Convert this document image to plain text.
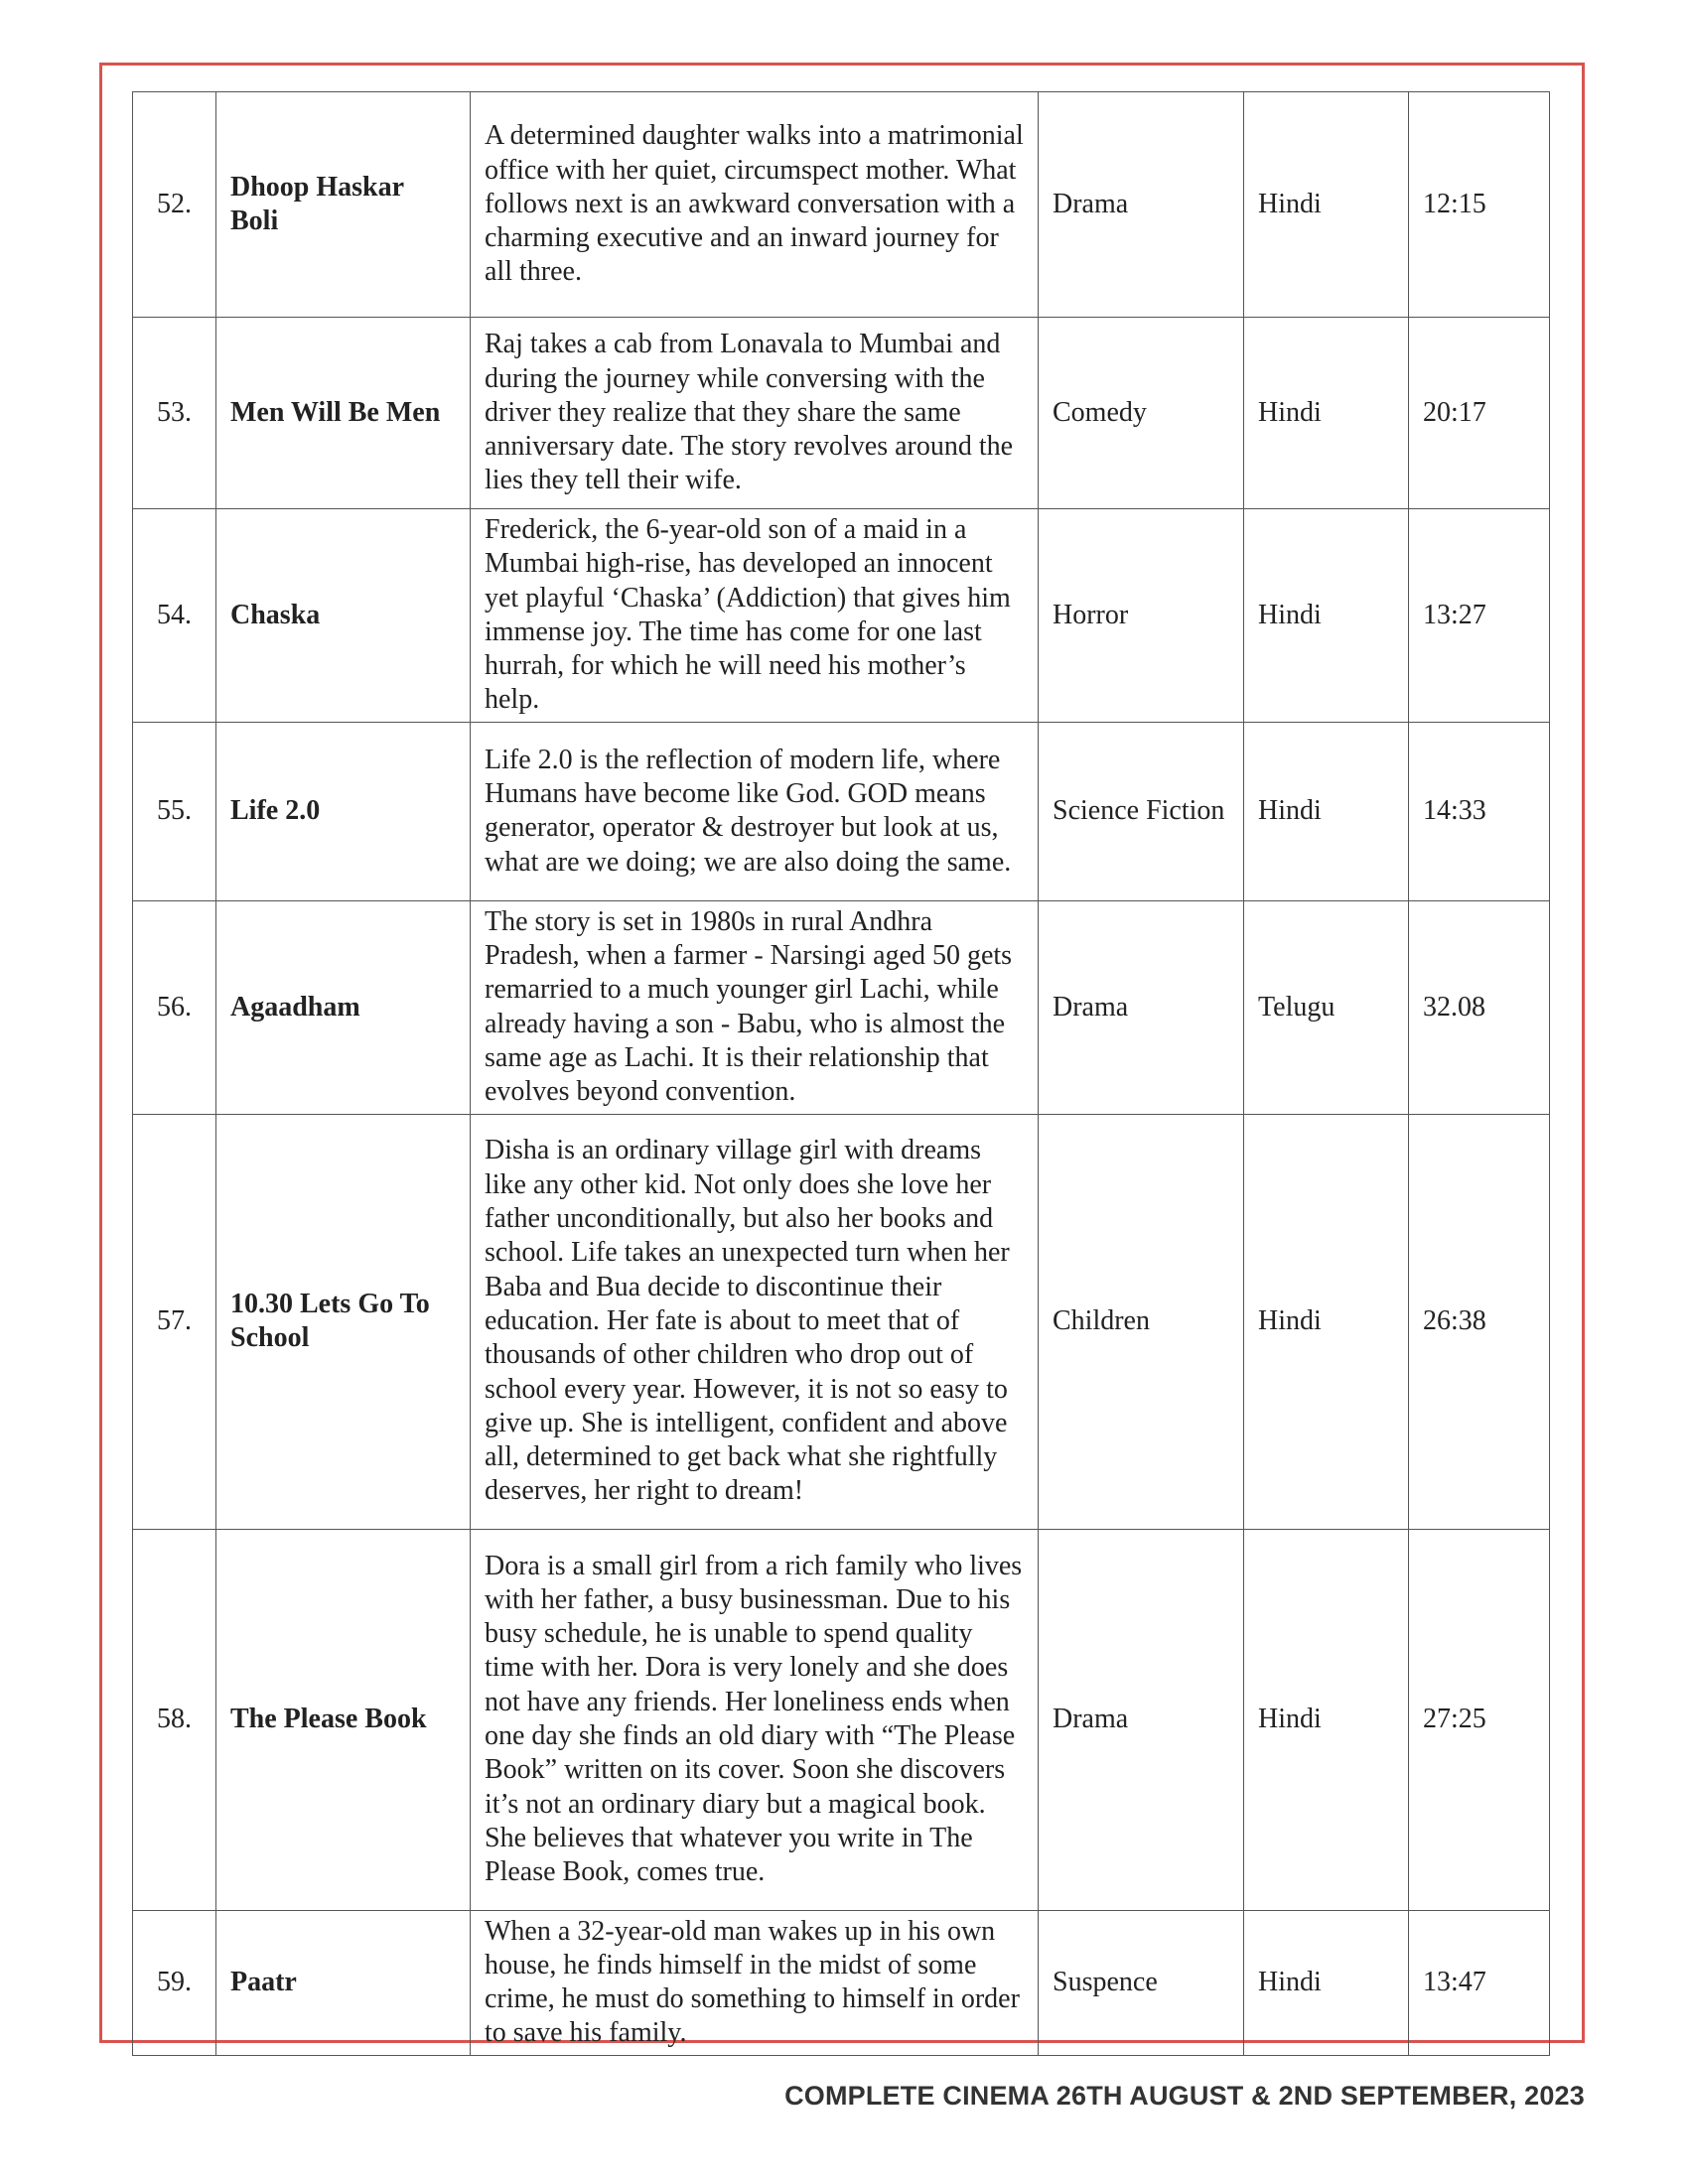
52.	Dhoop Haskar Boli	A determined daughter walks into a matrimonial office with her quiet, circumspect mother. What follows next is an awkward conversation with a charming executive and an inward journey for all three.	Drama	Hindi	12:15
53.	Men Will Be Men	Raj takes a cab from Lonavala to Mumbai and during the journey while conversing with the driver they realize that they share the same anniversary date. The story revolves around the lies they tell their wife.	Comedy	Hindi	20:17
54.	Chaska	Frederick, the 6-year-old son of a maid in a Mumbai high-rise, has developed an innocent yet playful ‘Chaska’ (Addiction) that gives him immense joy. The time has come for one last hurrah, for which he will need his mother’s help.	Horror	Hindi	13:27
55.	Life 2.0	Life 2.0 is the reflection of modern life, where Humans have become like God. GOD means generator, operator & destroyer but look at us, what are we doing; we are also doing the same.	Science Fiction	Hindi	14:33
56.	Agaadham	The story is set in 1980s in rural Andhra Pradesh, when a farmer - Narsingi aged 50 gets remarried to a much younger girl Lachi, while already having a son - Babu, who is almost the same age as Lachi. It is their relationship that evolves beyond convention.	Drama	Telugu	32.08
57.	10.30 Lets Go To School	Disha is an ordinary village girl with dreams like any other kid. Not only does she love her father unconditionally, but also her books and school. Life takes an unexpected turn when her Baba and Bua decide to discontinue their education. Her fate is about to meet that of thousands of other children who drop out of school every year. However, it is not so easy to give up. She is intelligent, confident and above all, determined to get back what she rightfully deserves, her right to dream!	Children	Hindi	26:38
58.	The Please Book	Dora is a small girl from a rich family who lives with her father, a busy businessman. Due to his busy schedule, he is unable to spend quality time with her. Dora is very lonely and she does not have any friends. Her loneliness ends when one day she finds an old diary with “The Please Book” written on its cover. Soon she discovers it’s not an ordinary diary but a magical book. She believes that whatever you write in The Please Book, comes true.	Drama	Hindi	27:25
59.	Paatr	When a 32-year-old man wakes up in his own house, he finds himself in the midst of some crime, he must do something to himself in order to save his family.	Suspence	Hindi	13:47
COMPLETE CINEMA 26TH AUGUST & 2ND SEPTEMBER, 2023
